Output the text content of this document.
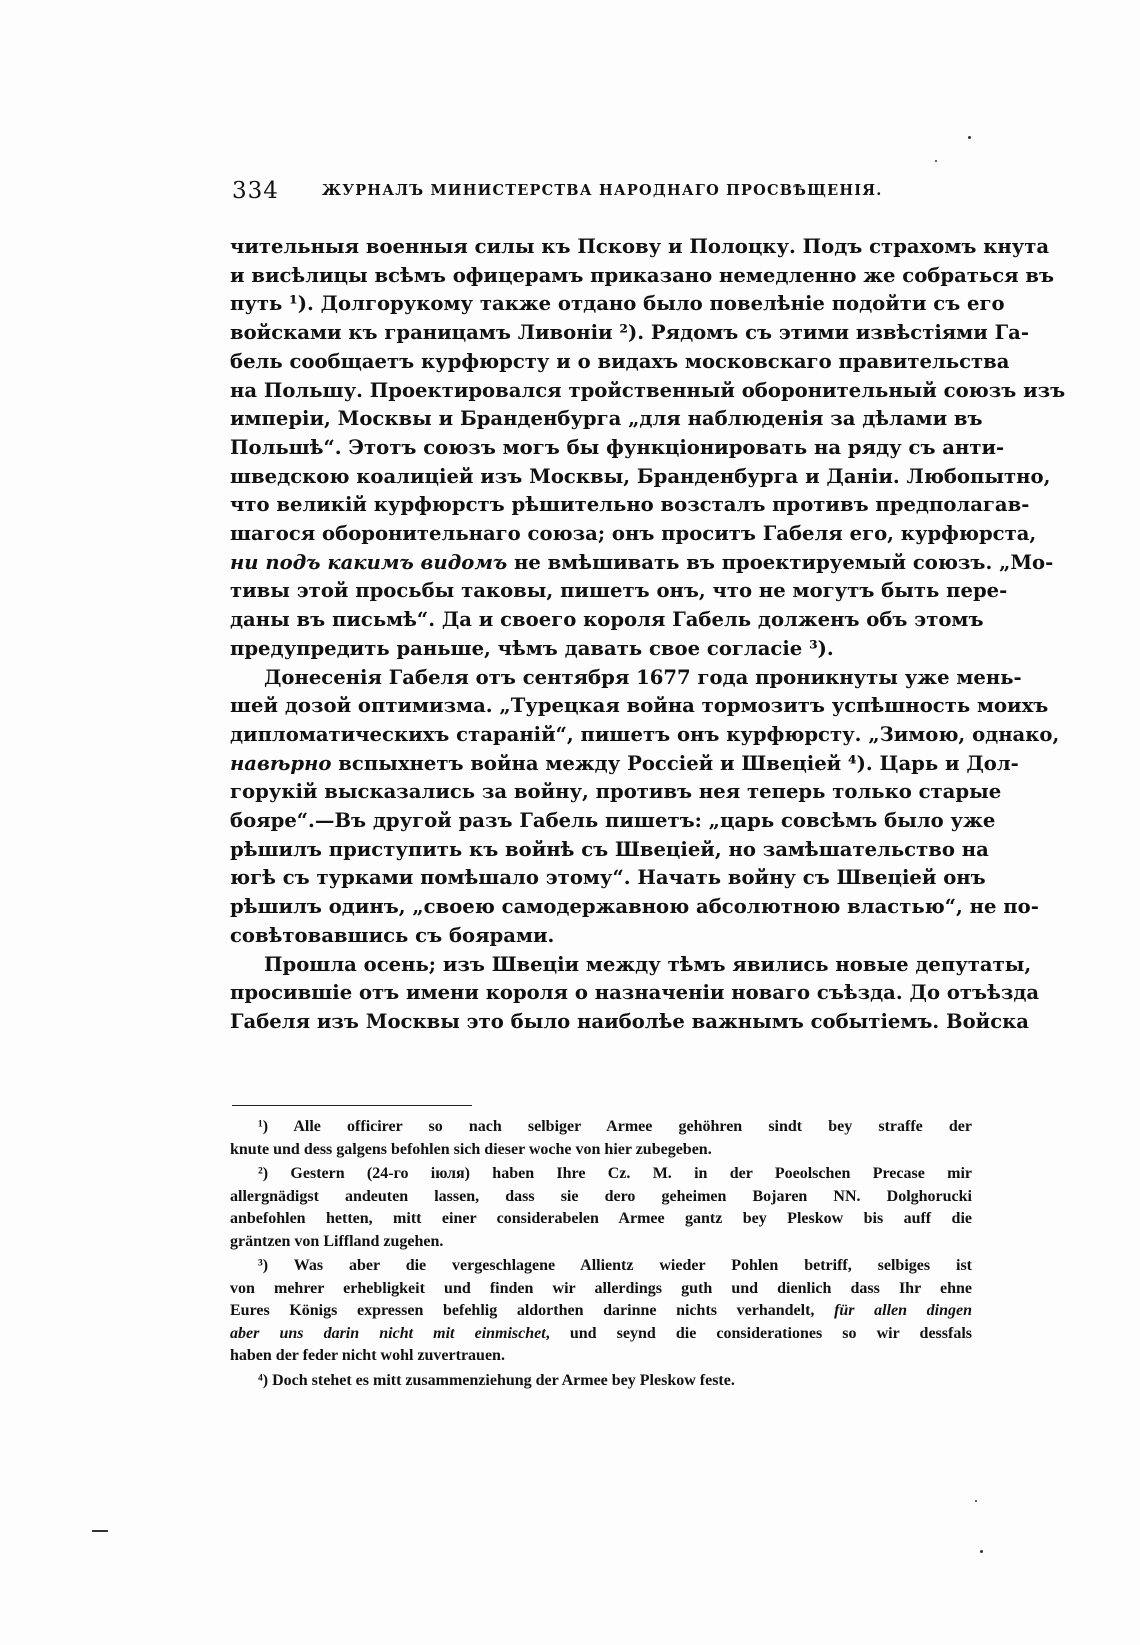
334	ЖУРНАЛЪ МИНИСТЕРСТВА НАРОДНАГО ПРОСВѢЩЕНІЯ.
чительныя военныя силы къ Пскову и Полоцку. Подъ страхомъ кнута
и висѣлицы всѣмъ офицерамъ приказано немедленно же собраться въ
путь ¹). Долгорукому также отдано было повелѣніе подойти съ его
войсками къ границамъ Ливоніи ²). Рядомъ съ этими извѣстіями Га-
бель сообщаетъ курфюрсту и о видахъ московскаго правительства
на Польшу. Проектировался тройственный оборонительный союзъ изъ
имперіи, Москвы и Бранденбурга „для наблюденія за дѣлами въ
Польшѣ“. Этотъ союзъ могъ бы функціонировать на ряду съ анти-
шведскою коалиціей изъ Москвы, Бранденбурга и Даніи. Любопытно,
что великій курфюрстъ рѣшительно возсталъ противъ предполагав-
шагося оборонительнаго союза; онъ проситъ Габеля его, курфюрста,
ни подъ какимъ видомъ не вмѣшивать въ проектируемый союзъ. „Мо-
тивы этой просьбы таковы, пишетъ онъ, что не могутъ быть пере-
даны въ письмѣ“. Да и своего короля Габель долженъ объ этомъ
предупредить раньше, чѣмъ давать свое согласіе ³).
Донесенія Габеля отъ сентября 1677 года проникнуты уже мень-
шей дозой оптимизма. „Турецкая война тормозитъ успѣшность моихъ
дипломатическихъ стараній“, пишетъ онъ курфюрсту. „Зимою, однако,
навѣрно вспыхнетъ война между Россіей и Швеціей ⁴). Царь и Дол-
горукій высказались за войну, противъ нея теперь только старые
бояре“.—Въ другой разъ Габель пишетъ: „царь совсѣмъ было уже
рѣшилъ приступить къ войнѣ съ Швеціей, но замѣшательство на
югѣ съ турками помѣшало этому“. Начать войну съ Швеціей онъ
рѣшилъ одинъ, „своею самодержавною абсолютною властью“, не по-
совѣтовавшись съ боярами.
Прошла осень; изъ Швеціи между тѣмъ явились новые депутаты,
просившіе отъ имени короля о назначеніи новаго съѣзда. До отъѣзда
Габеля изъ Москвы это было наиболѣе важнымъ событіемъ. Войска
¹) Alle officirer so nach selbiger Armee gehöhren sindt bey straffe der
knute und dess galgens befohlen sich dieser woche von hier zubegeben.
²) Gestern (24-го іюля) haben Ihre Cz. M. in der Poeolschen Precase mir
allergnädigst andeuten lassen, dass sie dero geheimen Bojaren NN. Dolghorucki
anbefohlen hetten, mitt einer considerabelen Armee gantz bey Pleskow bis auff die
gräntzen von Liffland zugehen.
³) Was aber die vergeschlagene Allientz wieder Pohlen betriff, selbiges ist
von mehrer erhebligkeit und finden wir allerdings guth und dienlich dass Ihr ehne
Eures Königs expressen befehlig aldorthen darinne nichts verhandelt, für allen dingen
aber uns darin nicht mit einmischet, und seynd die considerationes so wir dessfals
haben der feder nicht wohl zuvertrauen.
⁴) Doch stehet es mitt zusammenziehung der Armee bey Pleskow feste.
